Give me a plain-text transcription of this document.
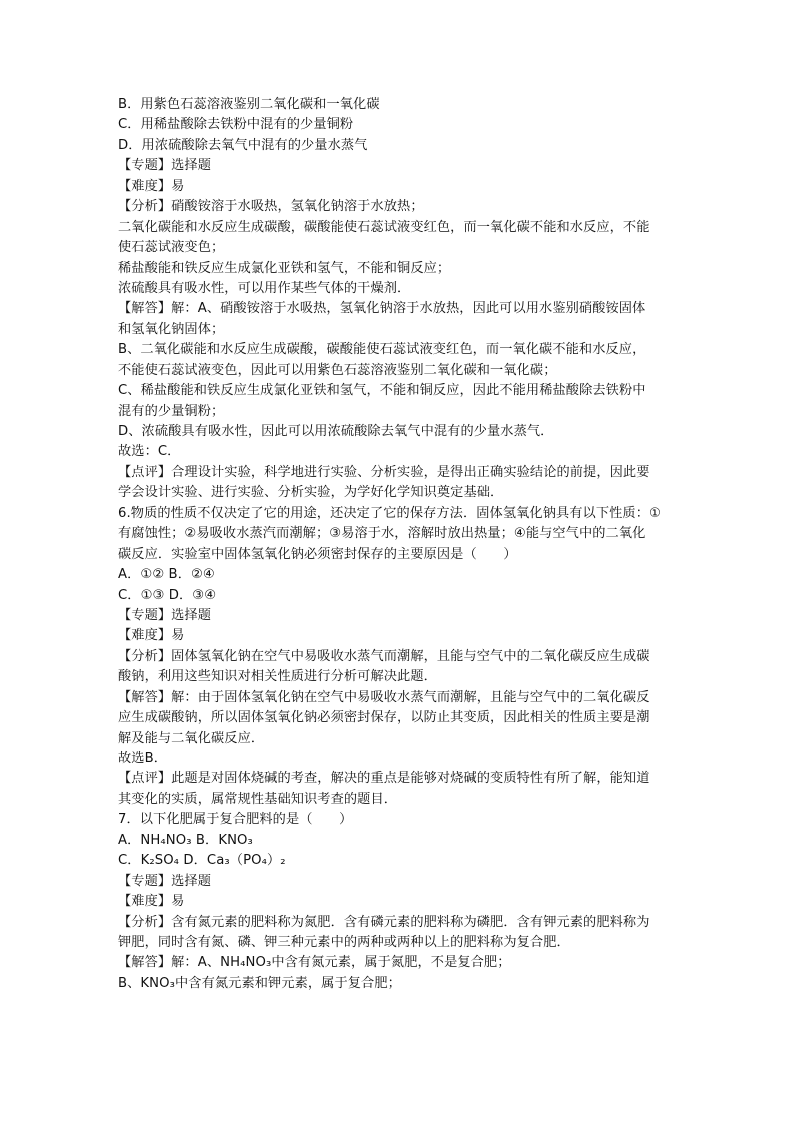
B．用紫色石蕊溶液鉴别二氧化碳和一氧化碳
C．用稀盐酸除去铁粉中混有的少量铜粉
D．用浓硫酸除去氧气中混有的少量水蒸气
【专题】选择题
【难度】易
【分析】硝酸铵溶于水吸热，氢氧化钠溶于水放热；
二氧化碳能和水反应生成碳酸，碳酸能使石蕊试液变红色，而一氧化碳不能和水反应，不能
使石蕊试液变色；
稀盐酸能和铁反应生成氯化亚铁和氢气，不能和铜反应；
浓硫酸具有吸水性，可以用作某些气体的干燥剂．
【解答】解：A、硝酸铵溶于水吸热，氢氧化钠溶于水放热，因此可以用水鉴别硝酸铵固体
和氢氧化钠固体；
B、二氧化碳能和水反应生成碳酸，碳酸能使石蕊试液变红色，而一氧化碳不能和水反应，
不能使石蕊试液变色，因此可以用紫色石蕊溶液鉴别二氧化碳和一氧化碳；
C、稀盐酸能和铁反应生成氯化亚铁和氢气，不能和铜反应，因此不能用稀盐酸除去铁粉中
混有的少量铜粉；
D、浓硫酸具有吸水性，因此可以用浓硫酸除去氧气中混有的少量水蒸气．
故选：C．
【点评】合理设计实验，科学地进行实验、分析实验，是得出正确实验结论的前提，因此要
学会设计实验、进行实验、分析实验，为学好化学知识奠定基础．
6.物质的性质不仅决定了它的用途，还决定了它的保存方法．固体氢氧化钠具有以下性质：①
有腐蚀性；②易吸收水蒸汽而潮解；③易溶于水，溶解时放出热量；④能与空气中的二氧化
碳反应．实验室中固体氢氧化钠必须密封保存的主要原因是（　　）
A．①② B．②④
C．①③ D．③④
【专题】选择题
【难度】易
【分析】固体氢氧化钠在空气中易吸收水蒸气而潮解，且能与空气中的二氧化碳反应生成碳
酸钠，利用这些知识对相关性质进行分析可解决此题．
【解答】解：由于固体氢氧化钠在空气中易吸收水蒸气而潮解，且能与空气中的二氧化碳反
应生成碳酸钠，所以固体氢氧化钠必须密封保存，以防止其变质，因此相关的性质主要是潮
解及能与二氧化碳反应．
故选B．
【点评】此题是对固体烧碱的考查，解决的重点是能够对烧碱的变质特性有所了解，能知道
其变化的实质，属常规性基础知识考查的题目．
7．以下化肥属于复合肥料的是（　　）
A．NH₄NO₃ B．KNO₃
C．K₂SO₄ D．Ca₃（PO₄）₂
【专题】选择题
【难度】易
【分析】含有氮元素的肥料称为氮肥．含有磷元素的肥料称为磷肥．含有钾元素的肥料称为
钾肥，同时含有氮、磷、钾三种元素中的两种或两种以上的肥料称为复合肥．
【解答】解：A、NH₄NO₃中含有氮元素，属于氮肥，不是复合肥；
B、KNO₃中含有氮元素和钾元素，属于复合肥；
